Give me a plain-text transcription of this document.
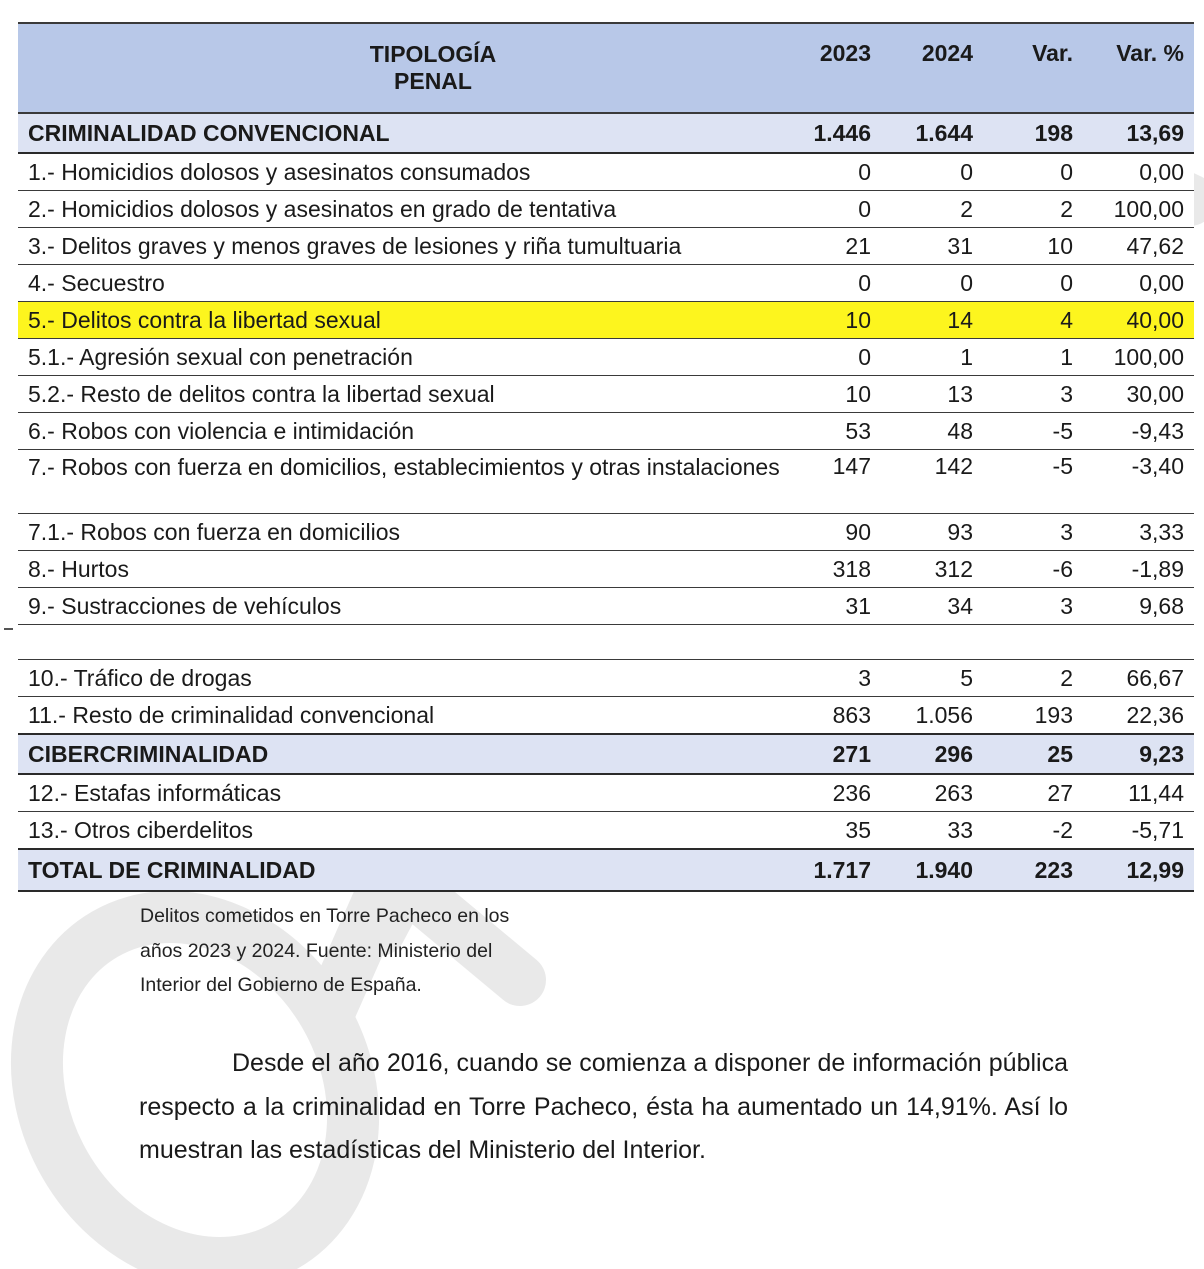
TIPOLOGÍA
PENAL	2023	2024	Var.	Var. %
CRIMINALIDAD CONVENCIONAL	1.446	1.644	198	13,69
1.- Homicidios dolosos y asesinatos consumados	0	0	0	0,00
2.- Homicidios dolosos y asesinatos en grado de tentativa	0	2	2	100,00
3.- Delitos graves y menos graves de lesiones y riña tumultuaria	21	31	10	47,62
4.- Secuestro	0	0	0	0,00
5.- Delitos contra la libertad sexual	10	14	4	40,00
5.1.- Agresión sexual con penetración	0	1	1	100,00
5.2.- Resto de delitos contra la libertad sexual	10	13	3	30,00
6.- Robos con violencia e intimidación	53	48	-5	-9,43
7.- Robos con fuerza en domicilios, establecimientos y otras instalaciones	147	142	-5	-3,40
7.1.- Robos con fuerza en domicilios	90	93	3	3,33
8.- Hurtos	318	312	-6	-1,89
9.- Sustracciones de vehículos	31	34	3	9,68

10.- Tráfico de drogas	3	5	2	66,67
11.- Resto de criminalidad convencional	863	1.056	193	22,36
CIBERCRIMINALIDAD	271	296	25	9,23
12.- Estafas informáticas	236	263	27	11,44
13.- Otros ciberdelitos	35	33	-2	-5,71
TOTAL DE CRIMINALIDAD	1.717	1.940	223	12,99
Delitos cometidos en Torre Pacheco en los
años 2023 y 2024. Fuente: Ministerio del
Interior del Gobierno de España.

Desde el año 2016, cuando se comienza a disponer de información pública respecto a la criminalidad en Torre Pacheco, ésta ha aumentado un 14,91%. Así lo muestran las estadísticas del Ministerio del Interior.
